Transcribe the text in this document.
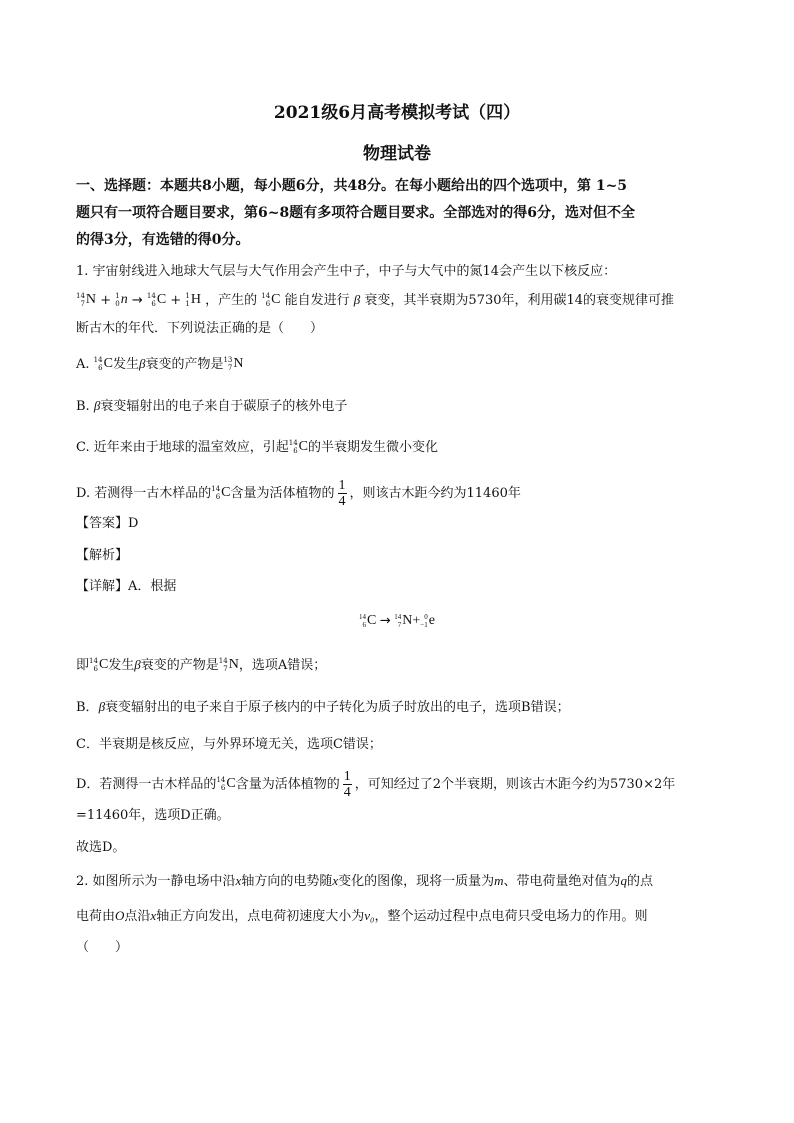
2021级6月高考模拟考试（四）
物理试卷
一、选择题：本题共8小题，每小题6分，共48分。在每小题给出的四个选项中，第 1~5
题只有一项符合题目要求，第6~8题有多项符合题目要求。全部选对的得6分，选对但不全
的得3分，有选错的得0分。
1. 宇宙射线进入地球大气层与大气作用会产生中子，中子与大气中的氮14会产生以下核反应：
14
7 N + 1
0 n → 14
6 C + 1
1 H ，产生的 14
6 C 能自发进行 β 衰变，其半衰期为5730年，利用碳14的衰变规律可推
断古木的年代．下列说法正确的是（　　）
A. 14
6 C发生β衰变的产物是 13
7 N
B. β衰变辐射出的电子来自于碳原子的核外电子
C. 近年来由于地球的温室效应，引起 14
6 C的半衰期发生微小变化
D. 若测得一古木样品的 14
6 C含量为活体植物的 $\frac{1}{4}$ ，则该古木距今约为11460年
【答案】D
【解析】
【详解】A．根据
14
6 C → 14
7 N+ 0
−1 e
即 14
6 C发生β衰变的产物是 14
7 N，选项A错误；
B．β衰变辐射出的电子来自于原子核内的中子转化为质子时放出的电子，选项B错误；
C．半衰期是核反应，与外界环境无关，选项C错误；
D．若测得一古木样品的 14
6 C含量为活体植物的 $\frac{1}{4}$ ，可知经过了2个半衰期，则该古木距今约为5730×2年
=11460年，选项D正确。
故选D。
2. 如图所示为一静电场中沿x轴方向的电势随x变化的图像，现将一质量为m、带电荷量绝对值为q的点
电荷由O点沿x轴正方向发出，点电荷初速度大小为v₀，整个运动过程中点电荷只受电场力的作用。则
（　　）
